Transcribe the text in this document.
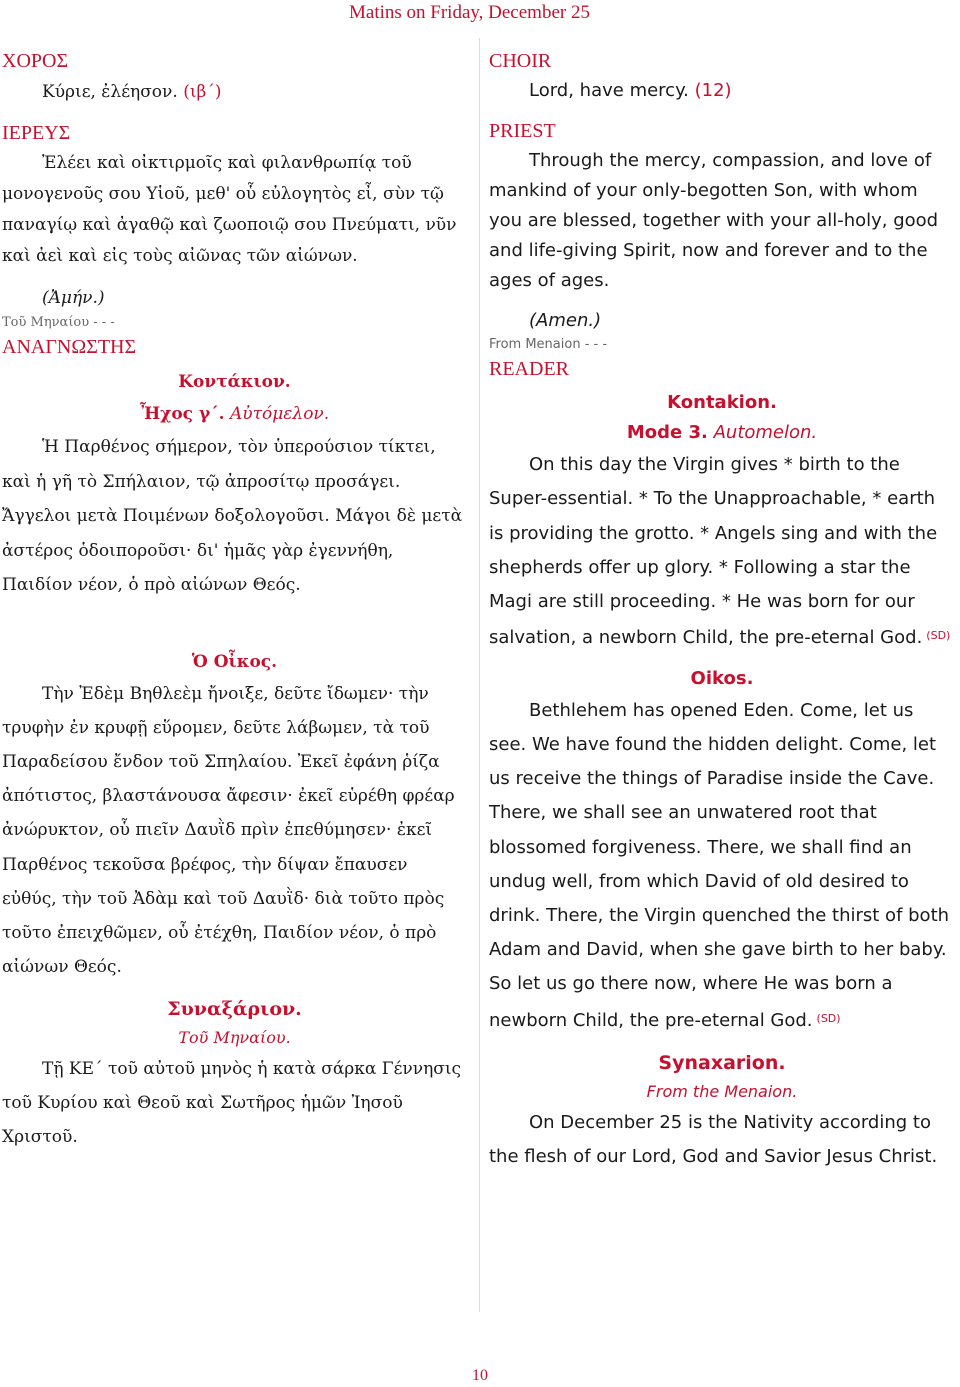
Matins on Friday, December 25
ΧΟΡΟΣ

Κύριε, ἐλέησον. (ιβ΄)

ΙΕΡΕΥΣ

Ἐλέει καὶ οἰκτιρμοῖς καὶ φιλανθρωπίᾳ τοῦ μονογενοῦς σου Υἱοῦ, μεθ' οὗ εὐλογητὸς εἶ, σὺν τῷ παναγίῳ καὶ ἀγαθῷ καὶ ζωοποιῷ σου Πνεύματι, νῦν καὶ ἀεὶ καὶ εἰς τοὺς αἰῶνας τῶν αἰώνων.

(Ἀμήν.)

Τοῦ Μηναίου - - -

ΑΝΑΓΝΩΣΤΗΣ

Κοντάκιον.

Ἦχος γ΄. Αὐτόμελον.

Ἡ Παρθένος σήμερον, τὸν ὑπερούσιον τίκτει, καὶ ἡ γῆ τὸ Σπήλαιον, τῷ ἀπροσίτῳ προσάγει. Ἄγγελοι μετὰ Ποιμένων δοξολογοῦσι. Μάγοι δὲ μετὰ ἀστέρος ὁδοιποροῦσι· δι' ἡμᾶς γὰρ ἐγεννήθη, Παιδίον νέον, ὁ πρὸ αἰώνων Θεός.

Ὁ Οἶκος.

Τὴν Ἐδὲμ Βηθλεὲμ ἤνοιξε, δεῦτε ἴδωμεν· τὴν τρυφὴν ἐν κρυφῇ εὕρομεν, δεῦτε λάβωμεν, τὰ τοῦ Παραδείσου ἔνδον τοῦ Σπηλαίου. Ἐκεῖ ἐφάνη ῥίζα ἀπότιστος, βλαστάνουσα ἄφεσιν· ἐκεῖ εὑρέθη φρέαρ ἀνώρυκτον, οὗ πιεῖν Δαυῒδ πρὶν ἐπεθύμησεν· ἐκεῖ Παρθένος τεκοῦσα βρέφος, τὴν δίψαν ἔπαυσεν εὐθύς, τὴν τοῦ Ἀδὰμ καὶ τοῦ Δαυῒδ· διὰ τοῦτο πρὸς τοῦτο ἐπειχθῶμεν, οὗ ἐτέχθη, Παιδίον νέον, ὁ πρὸ αἰώνων Θεός.

Συναξάριον.

Τοῦ Μηναίου.

Τῇ ΚΕ΄ τοῦ αὐτοῦ μηνὸς ἡ κατὰ σάρκα Γέννησις τοῦ Κυρίου καὶ Θεοῦ καὶ Σωτῆρος ἡμῶν Ἰησοῦ Χριστοῦ.

CHOIR

Lord, have mercy. (12)

PRIEST

Through the mercy, compassion, and love of mankind of your only-begotten Son, with whom you are blessed, together with your all-holy, good and life-giving Spirit, now and forever and to the ages of ages.

(Amen.)

From Menaion - - -

READER

Kontakion.

Mode 3. Automelon.

On this day the Virgin gives * birth to the Super-essential. * To the Unapproachable, * earth is providing the grotto. * Angels sing and with the shepherds offer up glory. * Following a star the Magi are still proceeding. * He was born for our salvation, a newborn Child, the pre-eternal God. $^{(SD)}$

Oikos.

Bethlehem has opened Eden. Come, let us see. We have found the hidden delight. Come, let us receive the things of Paradise inside the Cave. There, we shall see an unwatered root that blossomed forgiveness. There, we shall find an undug well, from which David of old desired to drink. There, the Virgin quenched the thirst of both Adam and David, when she gave birth to her baby. So let us go there now, where He was born a newborn Child, the pre-eternal God. $^{(SD)}$

Synaxarion.

From the Menaion.

On December 25 is the Nativity according to the flesh of our Lord, God and Savior Jesus Christ.

10
